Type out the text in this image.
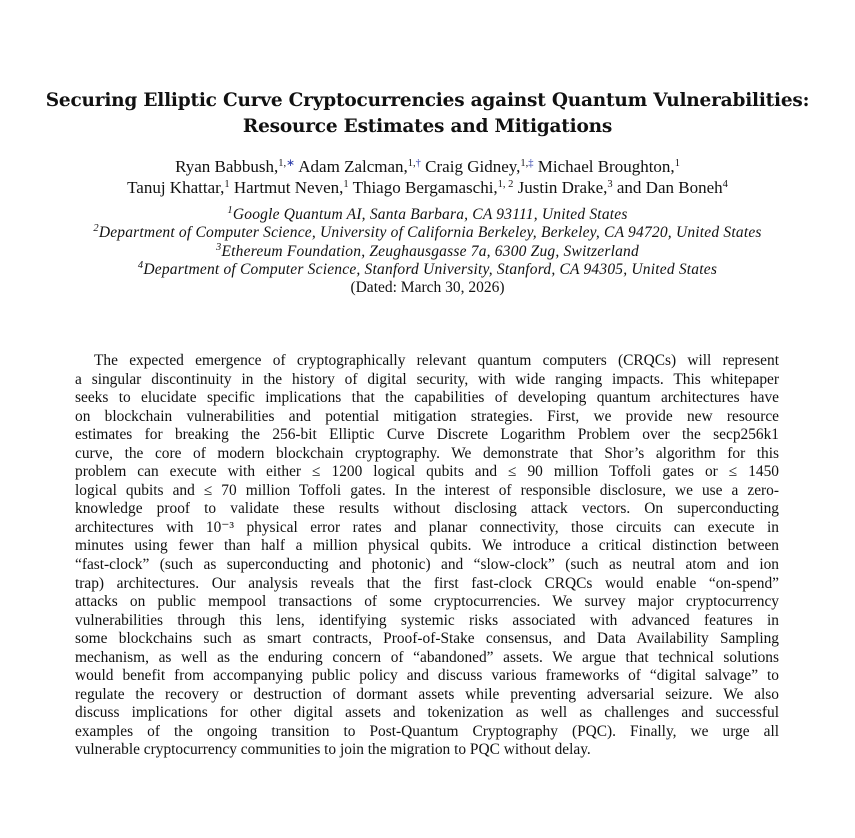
Securing Elliptic Curve Cryptocurrencies against Quantum Vulnerabilities:
Resource Estimates and Mitigations
Ryan Babbush,$^{1,∗}$ Adam Zalcman,$^{1,\dagger}$ Craig Gidney,$^{1,\ddagger}$ Michael Broughton,$^1$
Tanuj Khattar,$^1$ Hartmut Neven,$^1$ Thiago Bergamaschi,$^{1, 2}$ Justin Drake,$^3$ and Dan Boneh$^4$
$^1$Google Quantum AI, Santa Barbara, CA 93111, United States
$^2$Department of Computer Science, University of California Berkeley, Berkeley, CA 94720, United States
$^3$Ethereum Foundation, Zeughausgasse 7a, 6300 Zug, Switzerland
$^4$Department of Computer Science, Stanford University, Stanford, CA 94305, United States
(Dated: March 30, 2026)
The expected emergence of cryptographically relevant quantum computers (CRQCs) will represent
a singular discontinuity in the history of digital security, with wide ranging impacts. This whitepaper
seeks to elucidate specific implications that the capabilities of developing quantum architectures have
on blockchain vulnerabilities and potential mitigation strategies. First, we provide new resource
estimates for breaking the 256-bit Elliptic Curve Discrete Logarithm Problem over the secp256k1
curve, the core of modern blockchain cryptography. We demonstrate that Shor’s algorithm for this
problem can execute with either ≤ 1200 logical qubits and ≤ 90 million Toffoli gates or ≤ 1450
logical qubits and ≤ 70 million Toffoli gates. In the interest of responsible disclosure, we use a zero-
knowledge proof to validate these results without disclosing attack vectors. On superconducting
architectures with 10⁻³ physical error rates and planar connectivity, those circuits can execute in
minutes using fewer than half a million physical qubits. We introduce a critical distinction between
“fast-clock” (such as superconducting and photonic) and “slow-clock” (such as neutral atom and ion
trap) architectures. Our analysis reveals that the first fast-clock CRQCs would enable “on-spend”
attacks on public mempool transactions of some cryptocurrencies. We survey major cryptocurrency
vulnerabilities through this lens, identifying systemic risks associated with advanced features in
some blockchains such as smart contracts, Proof-of-Stake consensus, and Data Availability Sampling
mechanism, as well as the enduring concern of “abandoned” assets. We argue that technical solutions
would benefit from accompanying public policy and discuss various frameworks of “digital salvage” to
regulate the recovery or destruction of dormant assets while preventing adversarial seizure. We also
discuss implications for other digital assets and tokenization as well as challenges and successful
examples of the ongoing transition to Post-Quantum Cryptography (PQC). Finally, we urge all
vulnerable cryptocurrency communities to join the migration to PQC without delay.
